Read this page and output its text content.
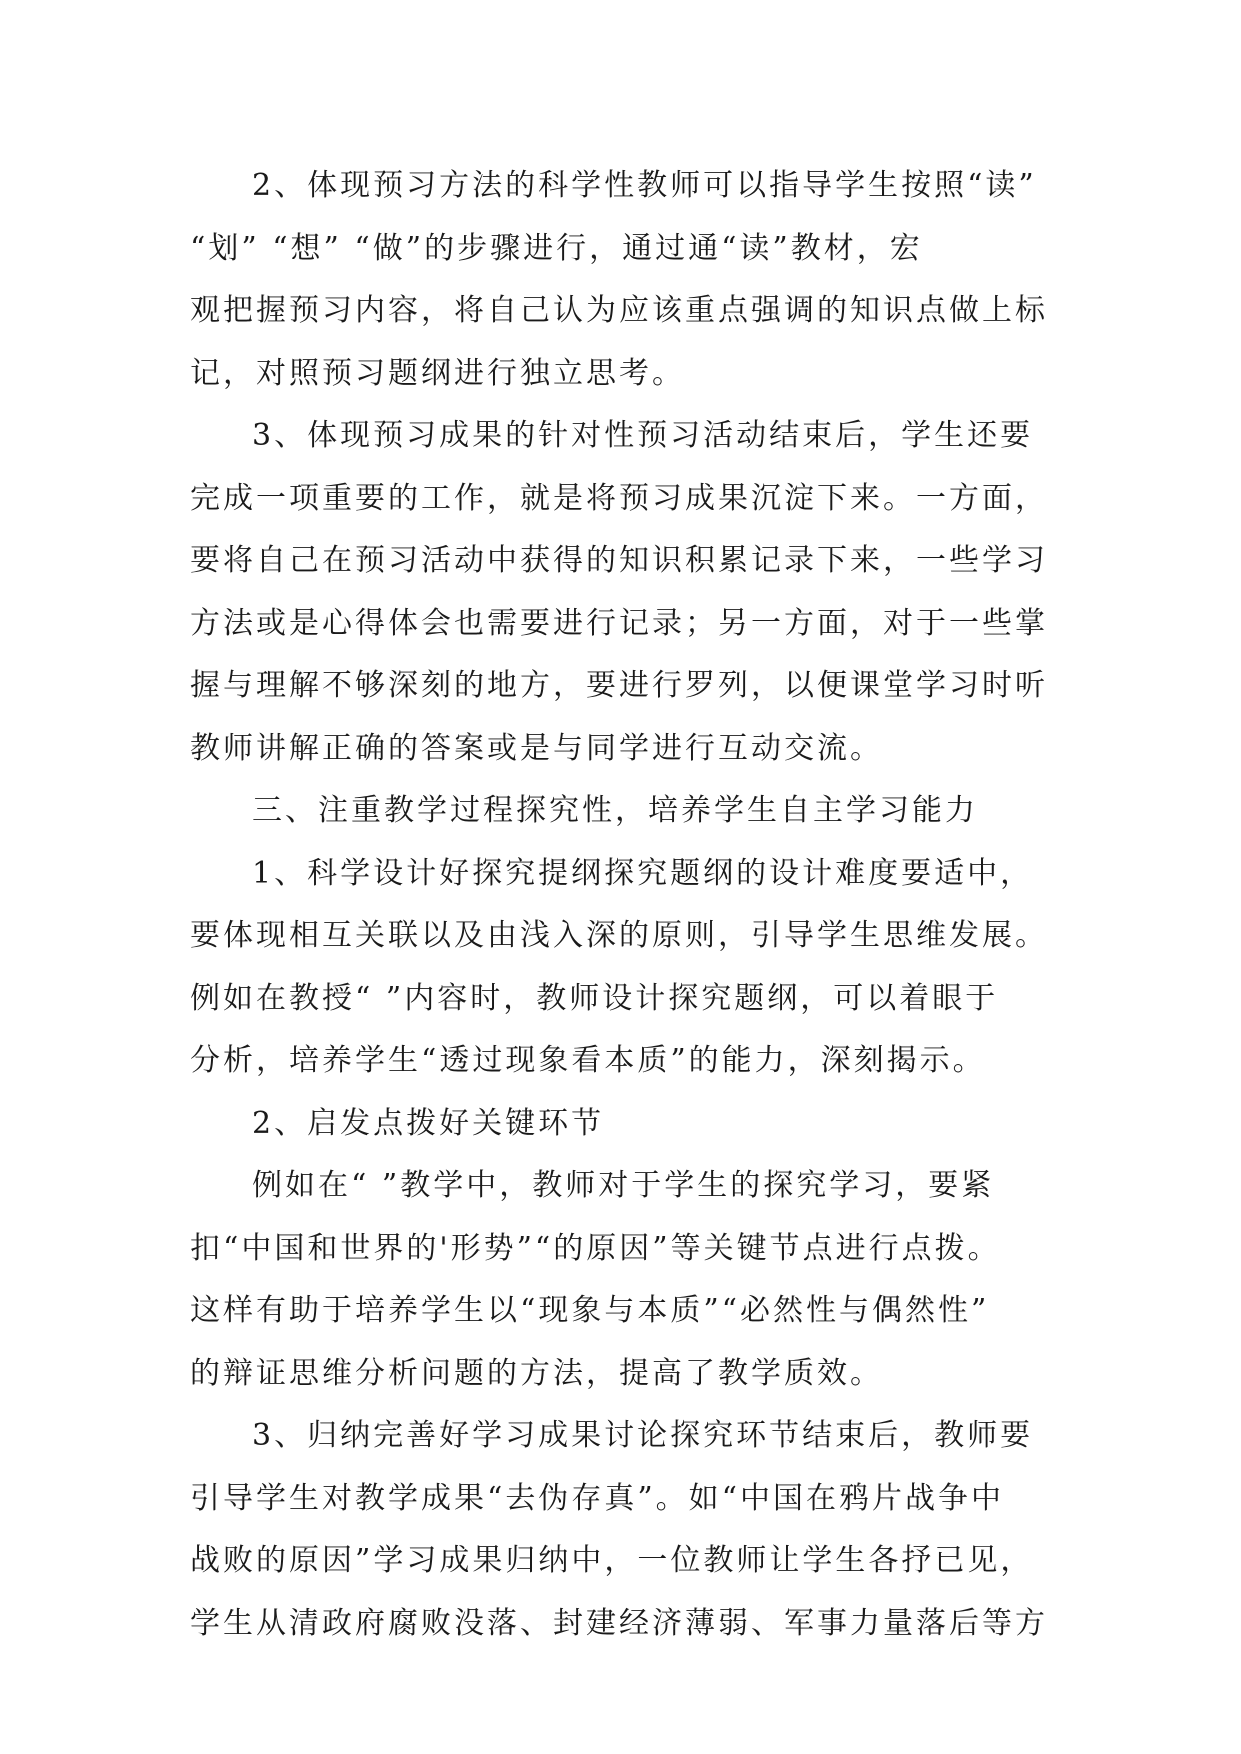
2、体现预习方法的科学性教师可以指导学生按照“读”
“划” “想” “做”的步骤进行，通过通“读”教材，宏
观把握预习内容，将自己认为应该重点强调的知识点做上标
记，对照预习题纲进行独立思考。
3、体现预习成果的针对性预习活动结束后，学生还要
完成一项重要的工作，就是将预习成果沉淀下来。一方面，
要将自己在预习活动中获得的知识积累记录下来，一些学习
方法或是心得体会也需要进行记录；另一方面，对于一些掌
握与理解不够深刻的地方，要进行罗列，以便课堂学习时听
教师讲解正确的答案或是与同学进行互动交流。
三、注重教学过程探究性，培养学生自主学习能力
1、科学设计好探究提纲探究题纲的设计难度要适中，
要体现相互关联以及由浅入深的原则，引导学生思维发展。
例如在教授“ ”内容时，教师设计探究题纲，可以着眼于
分析，培养学生“透过现象看本质”的能力，深刻揭示。
2、启发点拨好关键环节
例如在“ ”教学中，教师对于学生的探究学习，要紧
扣“中国和世界的'形势”“的原因”等关键节点进行点拨。
这样有助于培养学生以“现象与本质”“必然性与偶然性”
的辩证思维分析问题的方法，提高了教学质效。
3、归纳完善好学习成果讨论探究环节结束后，教师要
引导学生对教学成果“去伪存真”。如“中国在鸦片战争中
战败的原因”学习成果归纳中，一位教师让学生各抒已见，
学生从清政府腐败没落、封建经济薄弱、军事力量落后等方
